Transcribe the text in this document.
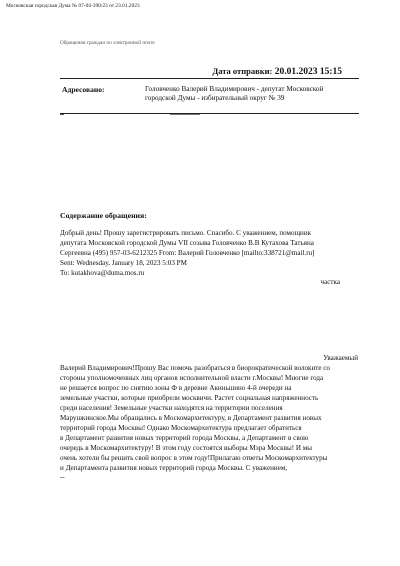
Московская городская Дума № 07-04-390/23 от 23.01.2023
Обращения граждан по электронной почте
Дата отправки: 20.01.2023 15:15
Адресовано:	Головченко Валерий Владимирович - депутат Московской городской Думы - избирательный округ № 39
Содержание обращения:
Добрый день! Прошу зарегистрировать письмо. Спасибо. С уважением, помощник
депутата Московской городской Думы VII созыва Головченко В.В Кутахова Татьяна
Сергеевна (495) 957-03-6212325 From: Валерий Головченко [mailto:338721@mail.ru]
Sent: Wednesday, January 18, 2023 5:03 PM
To: kutakhova@duma.mos.ru
частка
Уважаемый
Валерий Владимирович!Прошу Вас помочь разобраться в биорократической волоките со
стороны уполномоченных лиц органов исполнительной власти г.Москвы! Многие года
не решается вопрос по снятию зоны Ф в деревне Акиньшино 4-й очереди на
земельные участки, которые приобрели москвичи. Растет социальная напряженность
среди населения! Земельные участки находятся на территории поселения
Марушкинское.Мы обращались в Москомархитектуру, в Департамент развития новых
территорий города Москвы! Однако Москомархитектура предлагает обратиться
в Департамент развития новых территорий города Москвы, а Департамент в свою
очередь в Москомархитектуру! В этом году состоятся выборы Мэра Москвы! И мы
очень хотели бы решить свой вопрос в этом году!Прилагаю ответы Москомархитектуры
и Департамента развития новых территорий города Москвы. С уважением,
--
